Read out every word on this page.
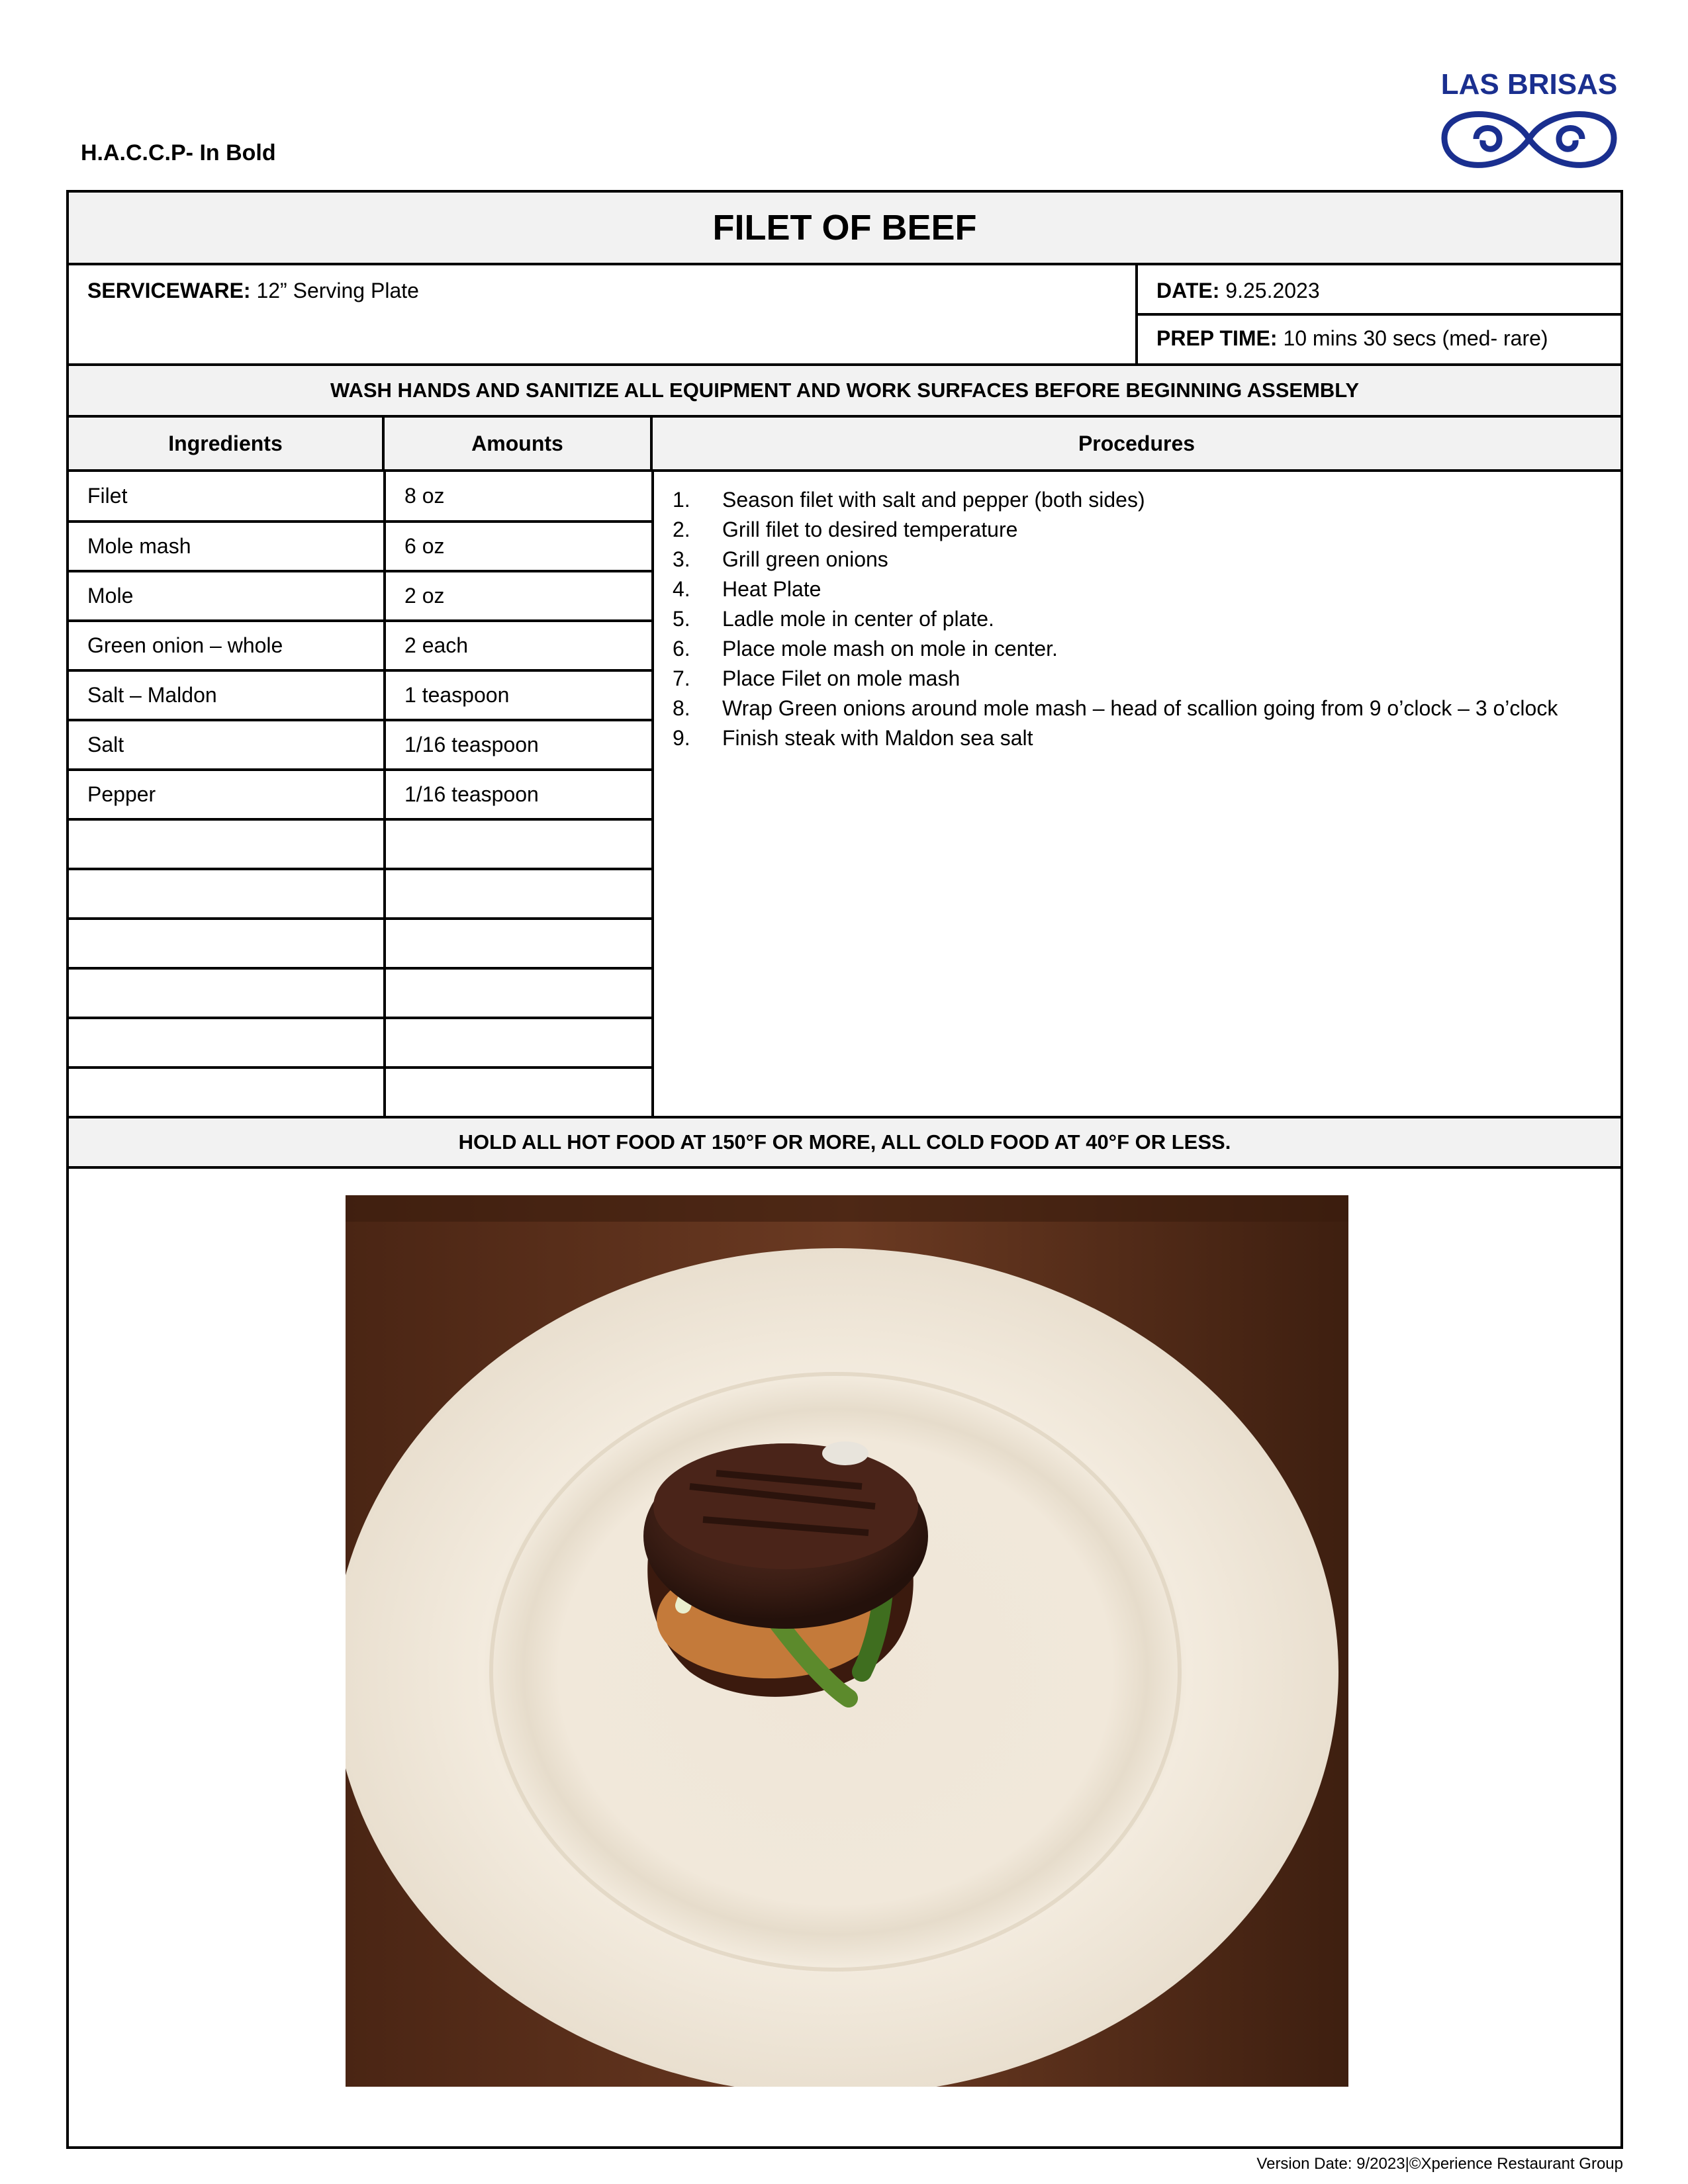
H.A.C.C.P- In Bold
LAS BRISAS
FILET OF BEEF
SERVICEWARE: 12” Serving Plate	DATE: 9.25.2023
PREP TIME: 10 mins 30 secs (med- rare)
WASH HANDS AND SANITIZE ALL EQUIPMENT AND WORK SURFACES BEFORE BEGINNING ASSEMBLY
Ingredients	Amounts	Procedures
Filet	8 oz
Mole mash	6 oz
Mole	2 oz
Green onion – whole	2 each
Salt – Maldon	1 teaspoon
Salt	1/16 teaspoon
Pepper	1/16 teaspoon

1.	Season filet with salt and pepper (both sides)
2.	Grill filet to desired temperature
3.	Grill green onions
4.	Heat Plate
5.	Ladle mole in center of plate.
6.	Place mole mash on mole in center.
7.	Place Filet on mole mash
8.	Wrap Green onions around mole mash – head of scallion going from 9 o’clock – 3 o’clock
9.	Finish steak with Maldon sea salt
HOLD ALL HOT FOOD AT 150°F OR MORE, ALL COLD FOOD AT 40°F OR LESS.
Version Date: 9/2023|©Xperience Restaurant Group
